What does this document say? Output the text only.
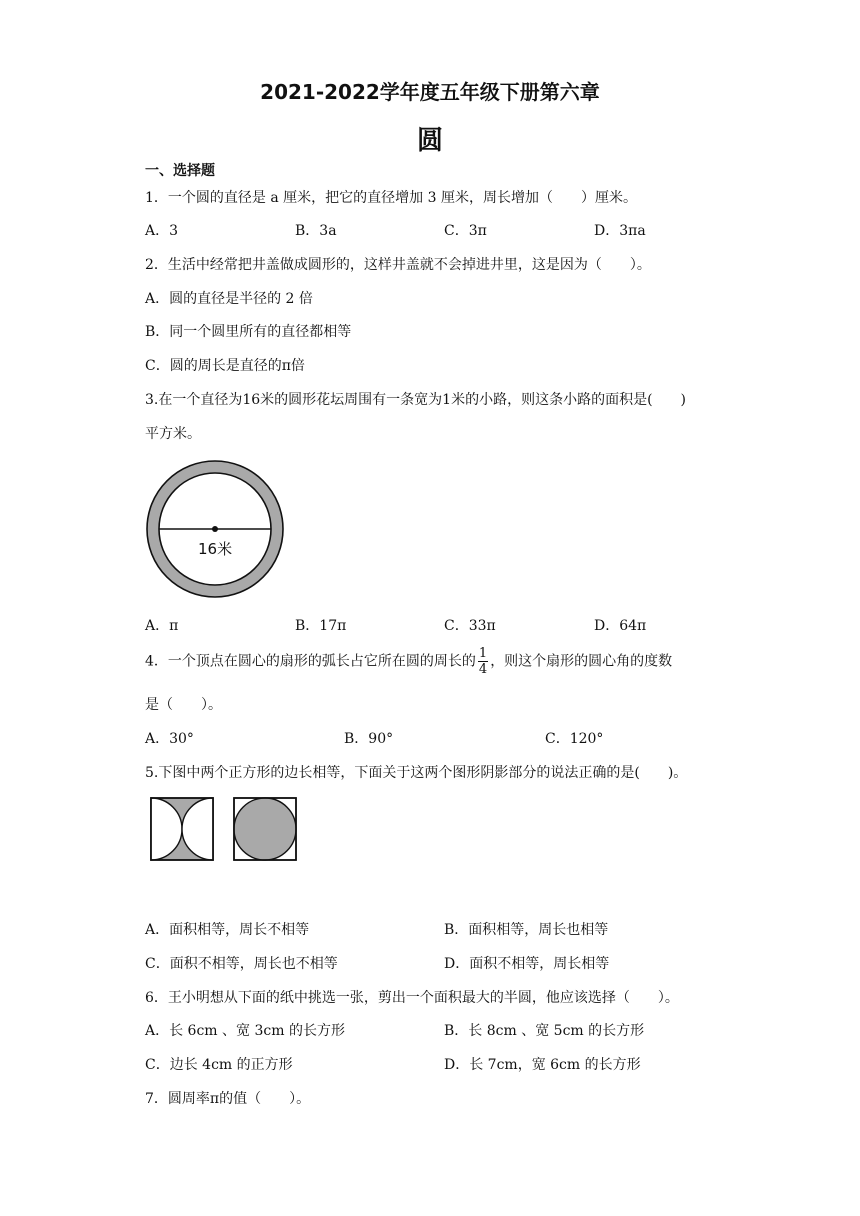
2021-2022学年度五年级下册第六章
圆
一、选择题
1．一个圆的直径是 a 厘米，把它的直径增加 3 厘米，周长增加（　　）厘米。
A．3	B．3a	C．3π	D．3πa
2．生活中经常把井盖做成圆形的，这样井盖就不会掉进井里，这是因为（　　）。
A．圆的直径是半径的 2 倍
B．同一个圆里所有的直径都相等
C．圆的周长是直径的π倍
3.在一个直径为16米的圆形花坛周围有一条宽为1米的小路，则这条小路的面积是(　　)
平方米。
16米
A．π	B．17π	C．33π	D．64π
4．一个顶点在圆心的扇形的弧长占它所在圆的周长的 $\frac{1}{4}$ ，则这个扇形的圆心角的度数
是（　　）。
A．30°	B．90°	C．120°
5.下图中两个正方形的边长相等，下面关于这两个图形阴影部分的说法正确的是(　　)。
A．面积相等，周长不相等	B．面积相等，周长也相等
C．面积不相等，周长也不相等	D．面积不相等，周长相等
6．王小明想从下面的纸中挑选一张，剪出一个面积最大的半圆，他应该选择（　　）。
A．长 6cm 、宽 3cm 的长方形	B．长 8cm 、宽 5cm 的长方形
C．边长 4cm 的正方形	D．长 7cm，宽 6cm 的长方形
7．圆周率π的值（　　）。
